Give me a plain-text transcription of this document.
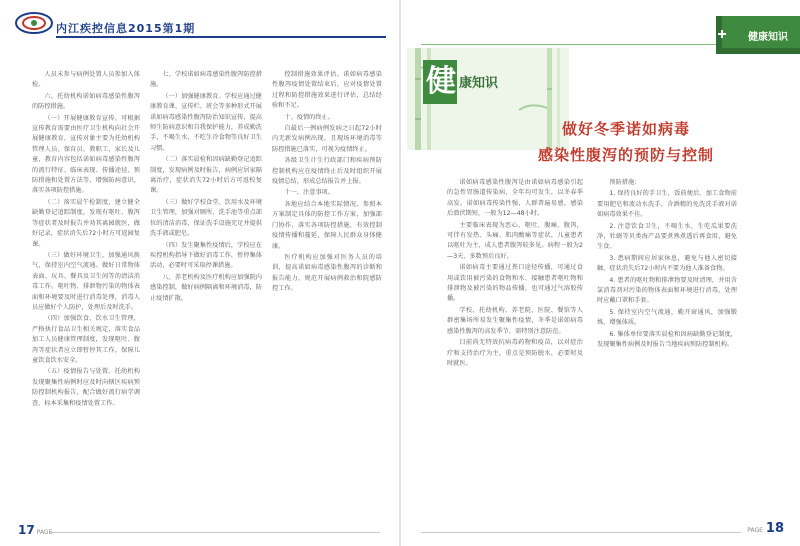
内江疾控信息2015第1期

人员未参与病例处置人员参加入体检。

六、托幼机构诺如病毒感染性腹泻的防控措施。

（一）开展健康教育宣传。可根据宣传教育需要由医疗卫生机构向社会开展健康教育，宣传对象主要为托幼机构管理人员、保育员、教职工、家长及儿童，教育内容包括诺如病毒感染性腹泻的流行特征、临床表现、传播途径、预防措施和处置方法等，增强防病意识，落实各项防控措施。

（二）落实晨午检制度，建立健全缺勤登记追踪制度，发现有呕吐、腹泻等症状者及时报告并劝其离园就医，做好记录，症状消失后72小时方可返园复课。

（三）做好环境卫生，加强通风换气，保持室内空气流通。做好日常物体表面、玩具、餐具及卫生间等的清洁消毒工作。呕吐物、排泄物污染的物体表面和环境要及时进行消毒处理，消毒人员应做好个人防护，处理后及时洗手。

（四）加强饮食、饮水卫生管理，严格执行食品卫生相关规定，落实食品加工人员健康管理制度，发现呕吐、腹泻等症状者应立即暂停其工作，保障儿童饮食饮水安全。

（五）疫情报告与处置。托幼机构发现聚集性病例时应及时向辖区疾病预防控制机构报告，配合做好流行病学调查、标本采集和疫情处置工作。

七、学校诺如病毒感染性腹泻防控措施。

（一）加强健康教育。学校应通过健康教育课、宣传栏、班会等多种形式开展诺如病毒感染性腹泻防治知识宣传，提高师生防病意识和自我保护能力，养成勤洗手、不喝生水、不吃生冷食物等良好卫生习惯。

（二）落实晨检和因病缺勤登记追踪制度，发现病例及时报告，病例应居家隔离治疗，症状消失72小时后方可返校复课。

（三）做好学校食堂、饮用水及环境卫生管理，加强对厕所、洗手池等重点部位的清洁消毒，保证洗手设施充足并提供洗手液或肥皂。

（四）发生聚集性疫情后，学校应在疾控机构指导下做好消毒工作，暂停集体活动，必要时可采取停课措施。

八、养老机构及医疗机构应加强院内感染控制，做好病例隔离和环境消毒，防止疫情扩散。

控制措施效果评估。诺如病毒感染性腹泻疫情处置结束后，应对疫情处置过程和防控措施效果进行评估，总结经验和不足。

十、疫情的终止。

自最后一例病例发病之日起72小时内无新发病例出现，且现场环境消毒等防控措施已落实，可视为疫情终止。

各级卫生计生行政部门和疾病预防控制机构应在疫情终止后及时组织开展疫情总结，形成总结报告并上报。

十一、注意事项。

各地应结合本地实际情况，参照本方案制定具体的防控工作方案，加强部门协作，落实各项防控措施，有效控制疫情传播和蔓延，保障人民群众身体健康。

医疗机构应加强对医务人员的培训，提高诺如病毒感染性腹泻的诊断和报告能力，规范开展病例救治和院感防控工作。

17 PAGE
健康知识
健 康知识
做好冬季诺如病毒
感染性腹泻的预防与控制

诺如病毒感染性腹泻是由诺如病毒感染引起的急性胃肠道传染病，全年均可发生，以冬春季高发。诺如病毒传染性强，人群普遍易感，感染后潜伏期短，一般为12—48小时。

主要临床表现为恶心、呕吐、腹痛、腹泻，可伴有发热、头痛、肌肉酸痛等症状，儿童患者以呕吐为主，成人患者腹泻较多见。病程一般为2—3天，多数预后良好。

诺如病毒主要通过粪口途径传播，可通过食用或饮用被污染的食物和水、接触患者呕吐物和排泄物及被污染的物品传播，也可通过气溶胶传播。

学校、托幼机构、养老院、医院、餐馆等人群密集场所易发生聚集性疫情，冬季是诺如病毒感染性腹泻的高发季节，需特别注意防范。

目前尚无特效抗病毒药物和疫苗，以对症治疗和支持治疗为主，重点是预防脱水，必要时及时就医。

预防措施：

1. 保持良好的手卫生，饭前便后、加工食物前要用肥皂和流动水洗手，含酒精的免洗洗手液对诺如病毒效果不佳。

2. 注意饮食卫生，不喝生水，生吃瓜果要洗净，牡蛎等贝类海产品要煮熟煮透后再食用，避免生食。

3. 患病期间应居家休息，避免与他人密切接触，症状消失后72小时内不要为他人准备食物。

4. 患者的呕吐物和排泄物要及时清理，并用含氯消毒剂对污染的物体表面和环境进行消毒，处理时应戴口罩和手套。

5. 保持室内空气流通，勤开窗通风，加强锻炼，增强体质。

6. 集体单位要落实晨检和因病缺勤登记制度，发现聚集性病例及时报告当地疾病预防控制机构。

PAGE 18
